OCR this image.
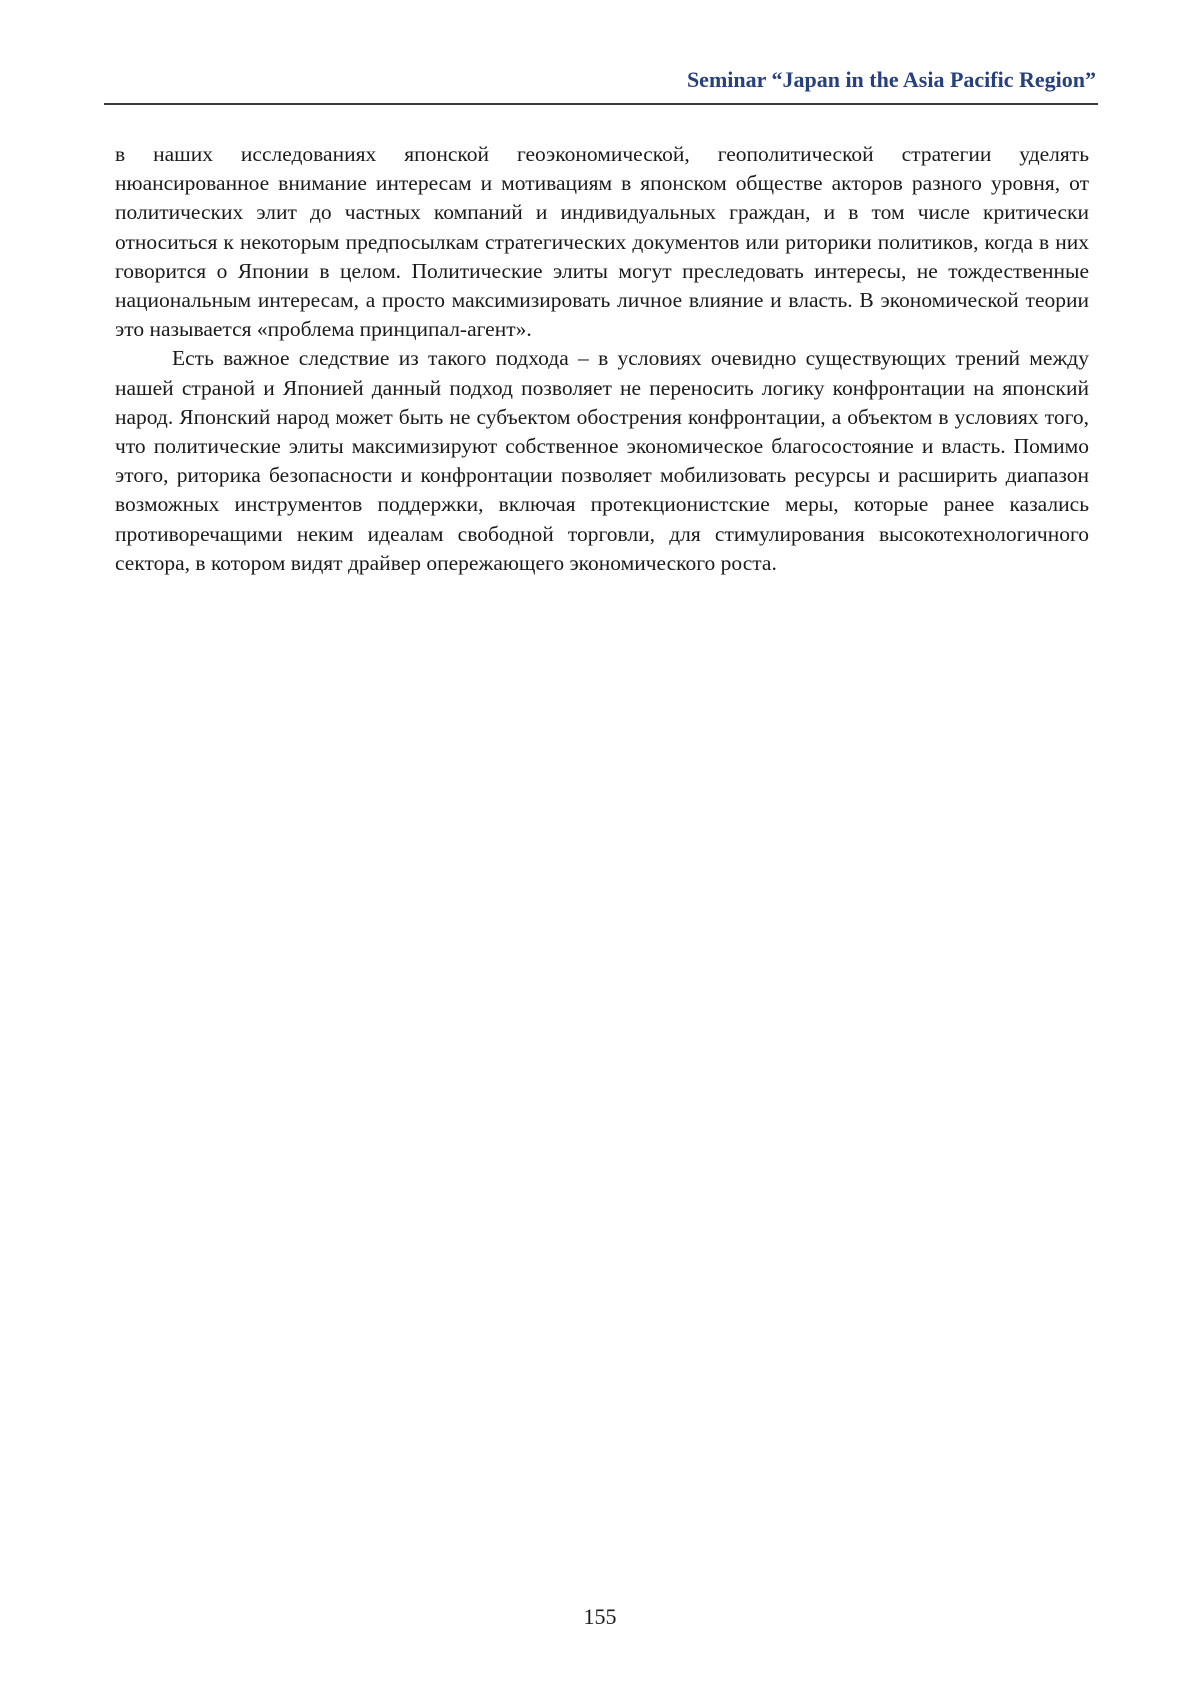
Seminar “Japan in the Asia Pacific Region”

в наших исследованиях японской геоэкономической, геополитической стратегии уделять нюансированное внимание интересам и мотивациям в японском обществе акторов разного уровня, от политических элит до частных компаний и индивидуальных граждан, и в том числе критически относиться к некоторым предпосылкам стратегических документов или риторики политиков, когда в них говорится о Японии в целом. Политические элиты могут преследовать интересы, не тождественные национальным интересам, а просто максимизировать личное влияние и власть. В экономической теории это называется «проблема принципал-агент».

Есть важное следствие из такого подхода – в условиях очевидно существующих трений между нашей страной и Японией данный подход позволяет не переносить логику конфронтации на японский народ. Японский народ может быть не субъектом обострения конфронтации, а объектом в условиях того, что политические элиты максимизируют собственное экономическое благосостояние и власть. Помимо этого, риторика безопасности и конфронтации позволяет мобилизовать ресурсы и расширить диапазон возможных инструментов поддержки, включая протекционистские меры, которые ранее казались противоречащими неким идеалам свободной торговли, для стимулирования высокотехнологичного сектора, в котором видят драйвер опережающего экономического роста.

155
